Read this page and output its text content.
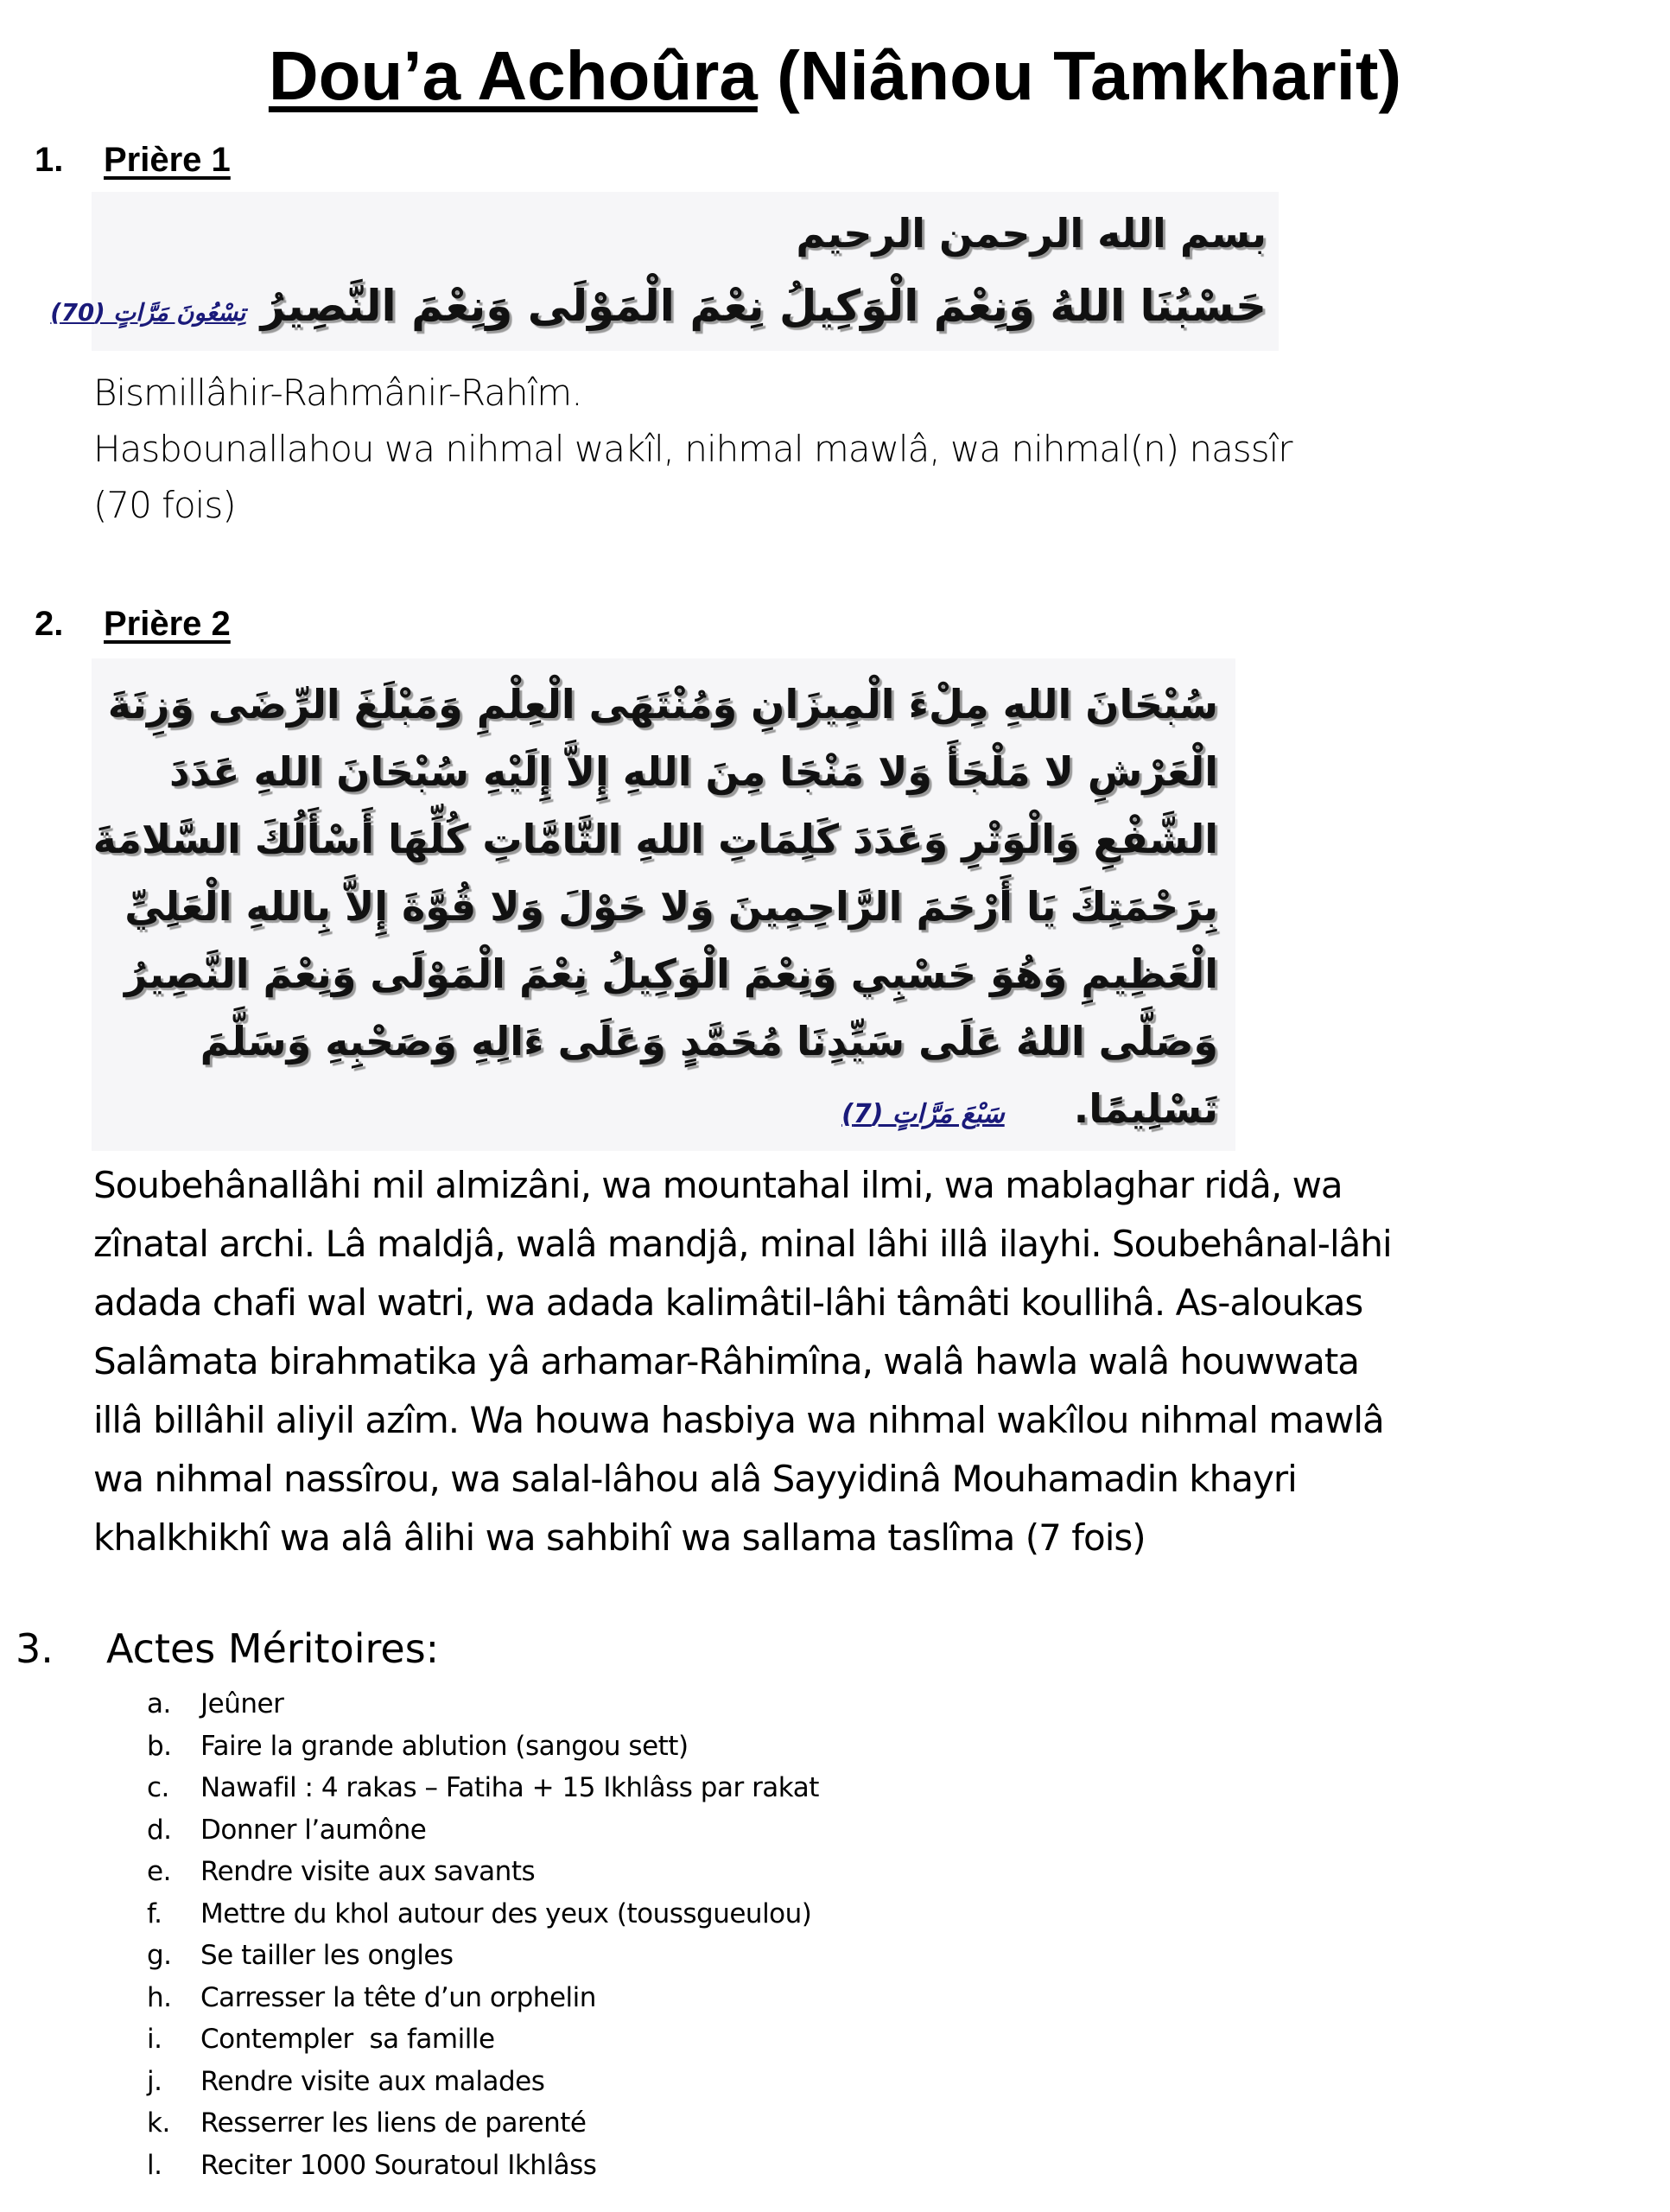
Dou’a Achoûra (Niânou Tamkharit)
1. Prière 1
بسم الله الرحمن الرحيم
حَسْبُنَا اللهُ وَنِعْمَ الْوَكِيلُ نِعْمَ الْمَوْلَى وَنِعْمَ النَّصِيرُ تِسْعُونَ مَرَّاتٍ (70)
Bismillâhir-Rahmânir-Rahîm.
Hasbounallahou wa nihmal wakîl, nihmal mawlâ, wa nihmal(n) nassîr
(70 fois)
2. Prière 2
سُبْحَانَ اللهِ مِلْءَ الْمِيزَانِ وَمُنْتَهَى الْعِلْمِ وَمَبْلَغَ الرِّضَى وَزِنَةَ
الْعَرْشِ لا مَلْجَأَ وَلا مَنْجَا مِنَ اللهِ إِلاَّ إِلَيْهِ سُبْحَانَ اللهِ عَدَدَ
الشَّفْعِ وَالْوَتْرِ وَعَدَدَ كَلِمَاتِ اللهِ التَّامَّاتِ كُلِّهَا أَسْأَلُكَ السَّلامَةَ
بِرَحْمَتِكَ يَا أَرْحَمَ الرَّاحِمِينَ وَلا حَوْلَ وَلا قُوَّةَ إِلاَّ بِاللهِ الْعَلِيِّ
الْعَظِيمِ وَهُوَ حَسْبِي وَنِعْمَ الْوَكِيلُ نِعْمَ الْمَوْلَى وَنِعْمَ النَّصِيرُ
وَصَلَّى اللهُ عَلَى سَيِّدِنَا مُحَمَّدٍ وَعَلَى ءَالِهِ وَصَحْبِهِ وَسَلَّمَ
تَسْلِيمًا.     سَبْعَ مَرَّاتٍ (7)
Soubehânallâhi mil almizâni, wa mountahal ilmi, wa mablaghar ridâ, wa
zînatal archi. Lâ maldjâ, walâ mandjâ, minal lâhi illâ ilayhi. Soubehânal-lâhi
adada chafi wal watri, wa adada kalimâtil-lâhi tâmâti koullihâ. As-aloukas
Salâmata birahmatika yâ arhamar-Râhimîna, walâ hawla walâ houwwata
illâ billâhil aliyil azîm. Wa houwa hasbiya wa nihmal wakîlou nihmal mawlâ
wa nihmal nassîrou, wa salal-lâhou alâ Sayyidinâ Mouhamadin khayri
khalkhikhî wa alâ âlihi wa sahbihî wa sallama taslîma (7 fois)
3. Actes Méritoires:
a. Jeûner
b. Faire la grande ablution (sangou sett)
c. Nawafil : 4 rakas – Fatiha + 15 Ikhlâss par rakat
d. Donner l’aumône
e. Rendre visite aux savants
f. Mettre du khol autour des yeux (toussgueulou)
g. Se tailler les ongles
h. Carresser la tête d’un orphelin
i. Contempler  sa famille
j. Rendre visite aux malades
k. Resserrer les liens de parenté
l. Reciter 1000 Souratoul Ikhlâss
